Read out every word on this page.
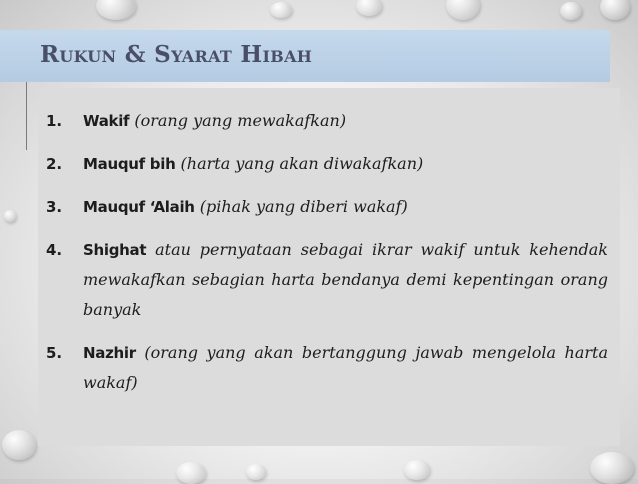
Rukun & Syarat Hibah
1.	Wakif (orang yang mewakafkan)
2.	Mauquf bih (harta yang akan diwakafkan)
3.	Mauquf ‘Alaih (pihak yang diberi wakaf)
4.	Shighat atau pernyataan sebagai ikrar wakif untuk kehendak mewakafkan sebagian harta bendanya demi kepentingan orang banyak
5.	Nazhir (orang yang akan bertanggung jawab mengelola harta wakaf)
